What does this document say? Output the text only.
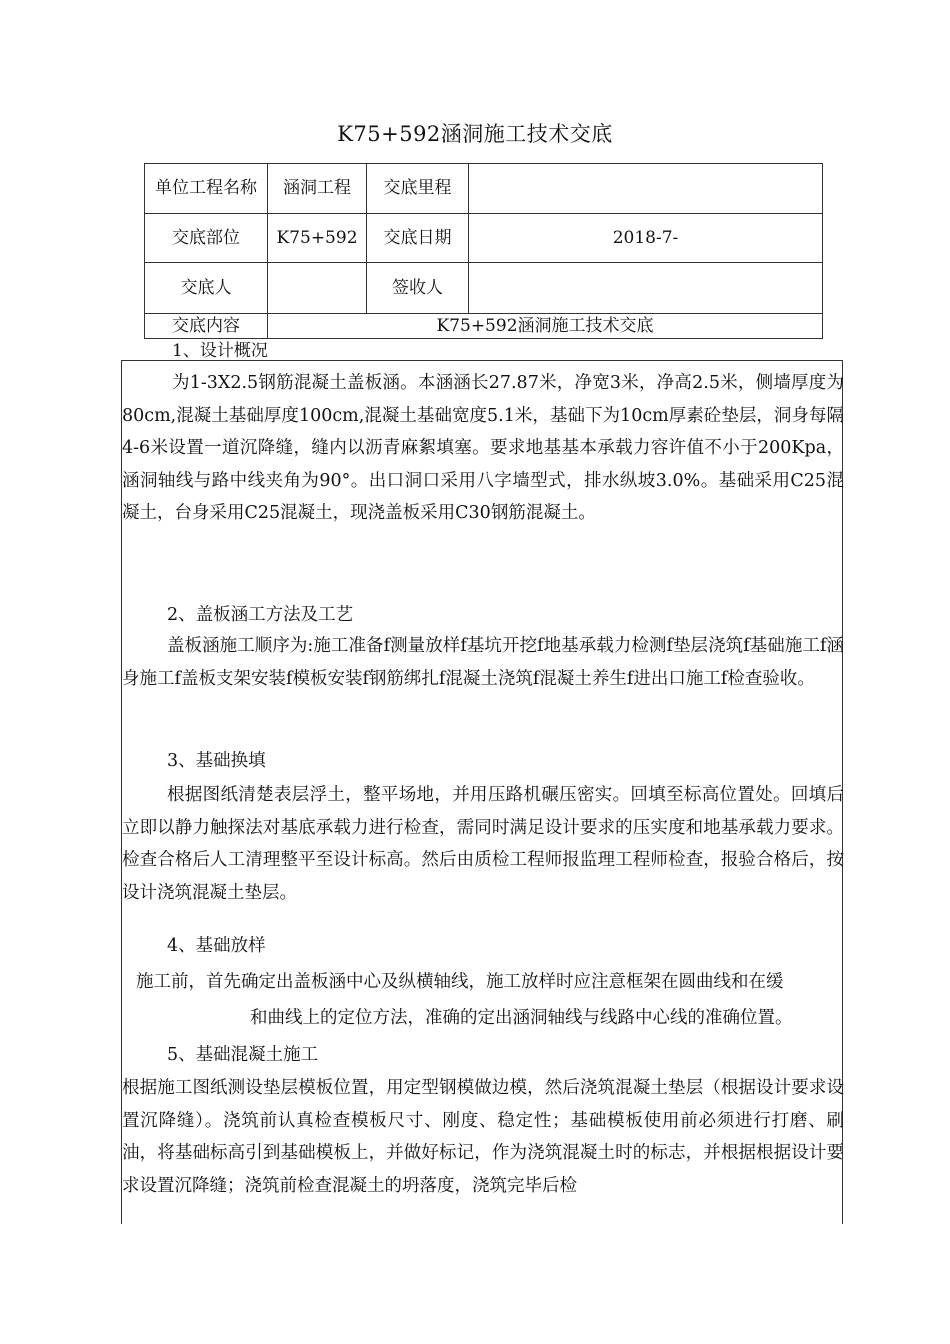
K75+592涵洞施工技术交底
单位工程名称	涵洞工程	交底里程	
交底部位	K75+592	交底日期	2018-7-
交底人		签收人	
交底内容	K75+592涵洞施工技术交底		
1、设计概况

为1-3X2.5钢筋混凝土盖板涵。本涵涵长27.87米，净宽3米，净高2.5米，侧墙厚度为80cm,混凝土基础厚度100cm,混凝土基础宽度5.1米，基础下为10cm厚素砼垫层，洞身每隔4-6米设置一道沉降缝，缝内以沥青麻絮填塞。要求地基基本承载力容许值不小于200Kpa，涵洞轴线与路中线夹角为90°。出口洞口采用八字墙型式，排水纵坡3.0%。基础采用C25混凝土，台身采用C25混凝土，现浇盖板采用C30钢筋混凝土。

2、盖板涵工方法及工艺

盖板涵施工顺序为:施工准备f测量放样f基坑开挖f地基承载力检测f垫层浇筑f基础施工f涵身施工f盖板支架安装f模板安装f钢筋绑扎f混凝土浇筑f混凝土养生f进出口施工f检查验收。

3、基础换填

根据图纸清楚表层浮土，整平场地，并用压路机碾压密实。回填至标高位置处。回填后立即以静力触探法对基底承载力进行检查，需同时满足设计要求的压实度和地基承载力要求。检查合格后人工清理整平至设计标高。然后由质检工程师报监理工程师检查，报验合格后，按设计浇筑混凝土垫层。

4、基础放样
施工前，首先确定出盖板涵中心及纵横轴线，施工放样时应注意框架在圆曲线和在缓
和曲线上的定位方法，准确的定出涵洞轴线与线路中心线的准确位置。
5、基础混凝土施工

根据施工图纸测设垫层模板位置，用定型钢模做边模，然后浇筑混凝土垫层（根据设计要求设置沉降缝）。浇筑前认真检查模板尺寸、刚度、稳定性；基础模板使用前必须进行打磨、刷油，将基础标高引到基础模板上，并做好标记，作为浇筑混凝土时的标志，并根据根据设计要求设置沉降缝；浇筑前检查混凝土的坍落度，浇筑完毕后检
